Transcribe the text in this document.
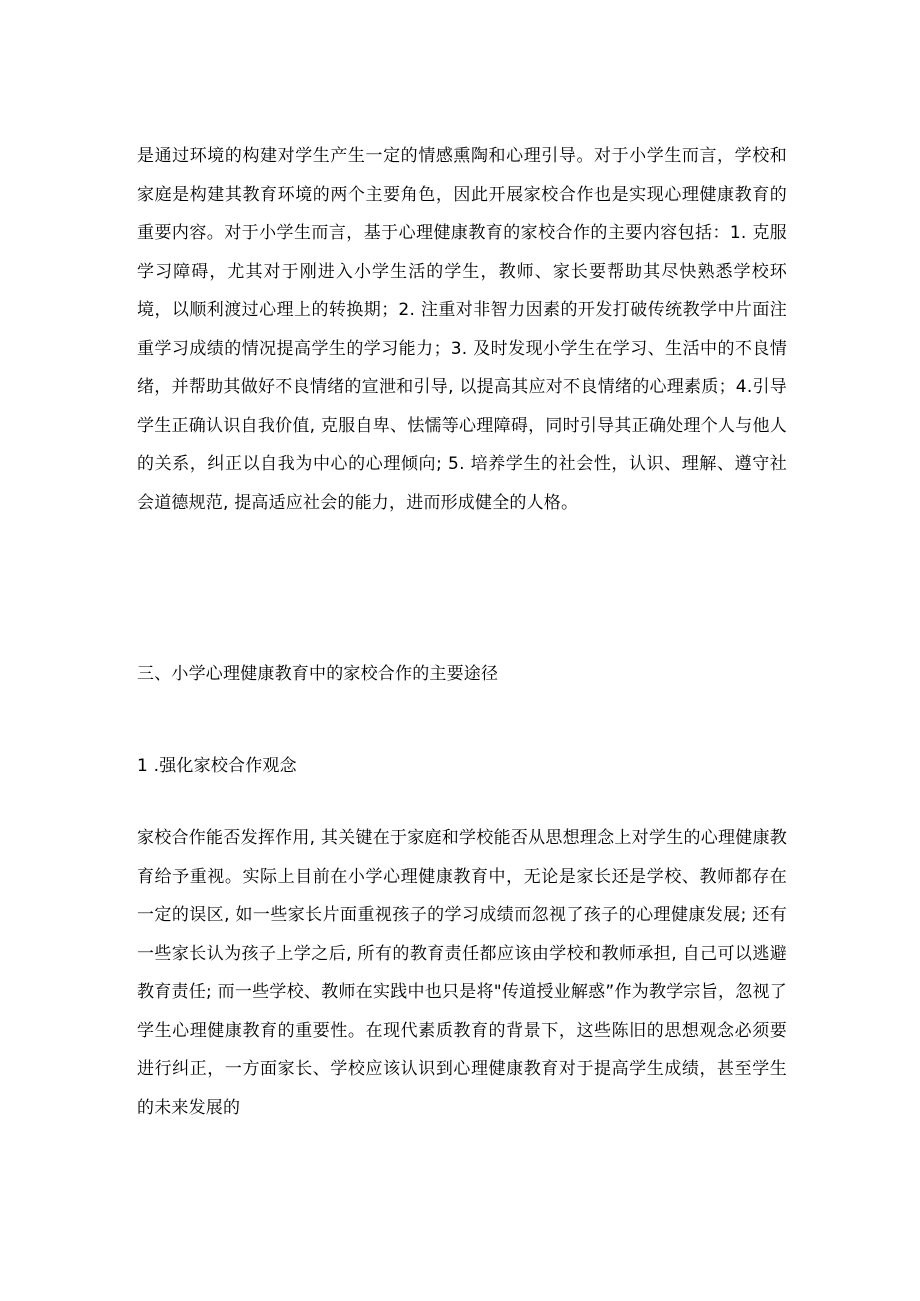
是通过环境的构建对学生产生一定的情感熏陶和心理引导。对于小学生而言，学校和家庭是构建其教育环境的两个主要角色，因此开展家校合作也是实现心理健康教育的重要内容。对于小学生而言，基于心理健康教育的家校合作的主要内容包括：1. 克服学习障碍，尤其对于刚进入小学生活的学生，教师、家长要帮助其尽快熟悉学校环境，以顺利渡过心理上的转换期；2. 注重对非智力因素的开发打破传统教学中片面注重学习成绩的情况提高学生的学习能力；3. 及时发现小学生在学习、生活中的不良情绪，并帮助其做好不良情绪的宣泄和引导, 以提高其应对不良情绪的心理素质；4.引导学生正确认识自我价值, 克服自卑、怯懦等心理障碍，同时引导其正确处理个人与他人的关系，纠正以自我为中心的心理倾向; 5. 培养学生的社会性，认识、理解、遵守社会道德规范, 提高适应社会的能力，进而形成健全的人格。

三、小学心理健康教育中的家校合作的主要途径

1 .强化家校合作观念

家校合作能否发挥作用, 其关键在于家庭和学校能否从思想理念上对学生的心理健康教育给予重视。实际上目前在小学心理健康教育中，无论是家长还是学校、教师都存在一定的误区, 如一些家长片面重视孩子的学习成绩而忽视了孩子的心理健康发展; 还有一些家长认为孩子上学之后, 所有的教育责任都应该由学校和教师承担, 自己可以逃避教育责任; 而一些学校、教师在实践中也只是将"传道授业解惑”作为教学宗旨，忽视了学生心理健康教育的重要性。在现代素质教育的背景下，这些陈旧的思想观念必须要进行纠正，一方面家长、学校应该认识到心理健康教育对于提高学生成绩，甚至学生的未来发展的
